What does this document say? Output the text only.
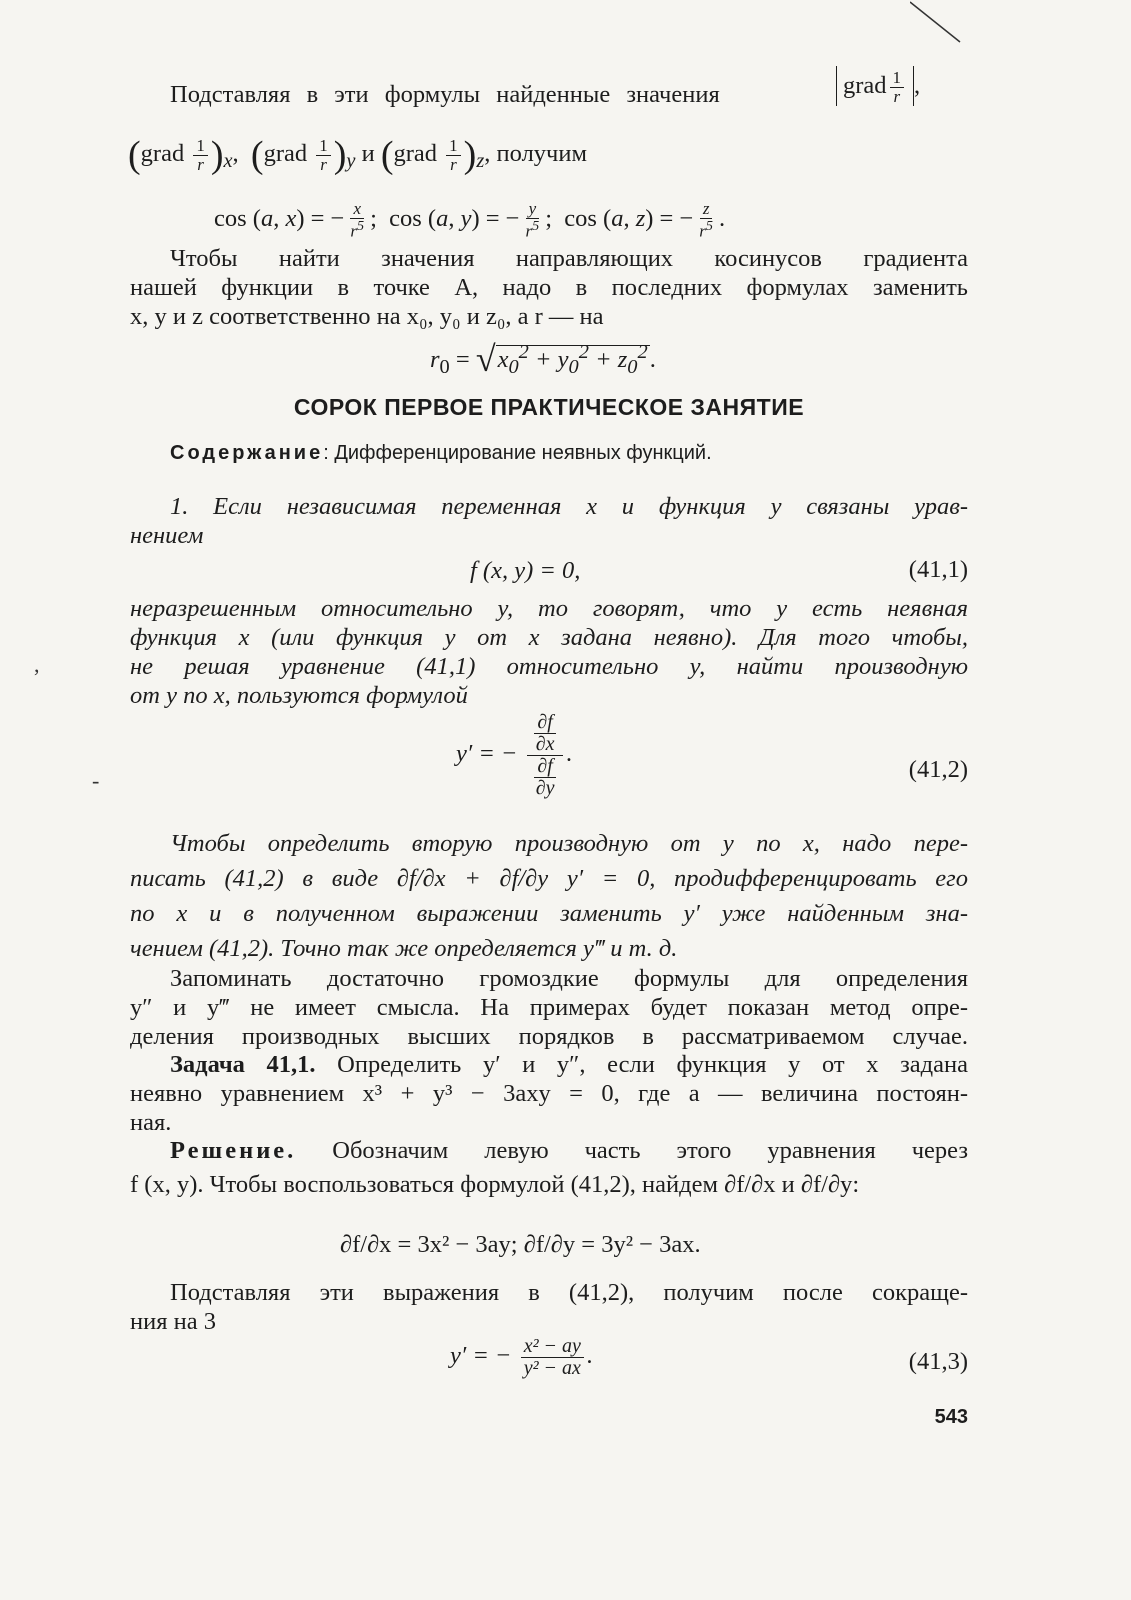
,
-
Подставляя в эти формулы найденные значения	grad $\frac{1}{r}$ ,
(grad $\frac{1}{r} )_x$,  (grad $\frac{1}{r} )_y$ и (grad $\frac{1}{r} )_z$, получим
cos (a, x) = − $\frac{x}{r^5}$ ;  cos (a, y) = − $\frac{y}{r^5}$ ;  cos (a, z) = − $\frac{z}{r^5}$ .
Чтобы найти значения направляющих косинусов градиента
нашей функции в точке A, надо в последних формулах заменить
x, y и z соответственно на x₀, y₀ и z₀, а r — на
$r_0 = √x_0^2 + y_0^2 + z_0^2$.
СОРОК ПЕРВОЕ ПРАКТИЧЕСКОЕ ЗАНЯТИЕ
Содержание: Дифференцирование неявных функций.
1. Если независимая переменная x и функция y связаны урав-
нением
f (x, y) = 0,	(41,1)
неразрешенным относительно y, то говорят, что y есть неявная
функция x (или функция y от x задана неявно). Для того чтобы,
не решая уравнение (41,1) относительно y, найти производную
от y по x, пользуются формулой
y′ = − $\frac{\frac{\partial f}{\partial x}}{\frac{\partial f}{\partial y}}$ .
(41,2)
Чтобы определить вторую производную от y по x, надо пере-
писать (41,2) в виде ∂f/∂x + ∂f/∂y y′ = 0, продифференцировать его
по x и в полученном выражении заменить y′ уже найденным зна-
чением (41,2). Точно так же определяется y‴ и т. д.
Запоминать достаточно громоздкие формулы для определения
y″ и y‴ не имеет смысла. На примерах будет показан метод опре-
деления производных высших порядков в рассматриваемом случае.
Задача 41,1. Определить y′ и y″, если функция y от x задана
неявно уравнением x³ + y³ − 3axy = 0, где a — величина постоян-
ная.
Решение. Обозначим левую часть этого уравнения через
f (x, y). Чтобы воспользоваться формулой (41,2), найдем ∂f/∂x и ∂f/∂y:
∂f/∂x = 3x² − 3ay; ∂f/∂y = 3y² − 3ax.
Подставляя эти выражения в (41,2), получим после сокраще-
ния на 3
y′ = − $\frac{\text{x² − ay}}{\text{y² − ax}}$ .	(41,3)
543
